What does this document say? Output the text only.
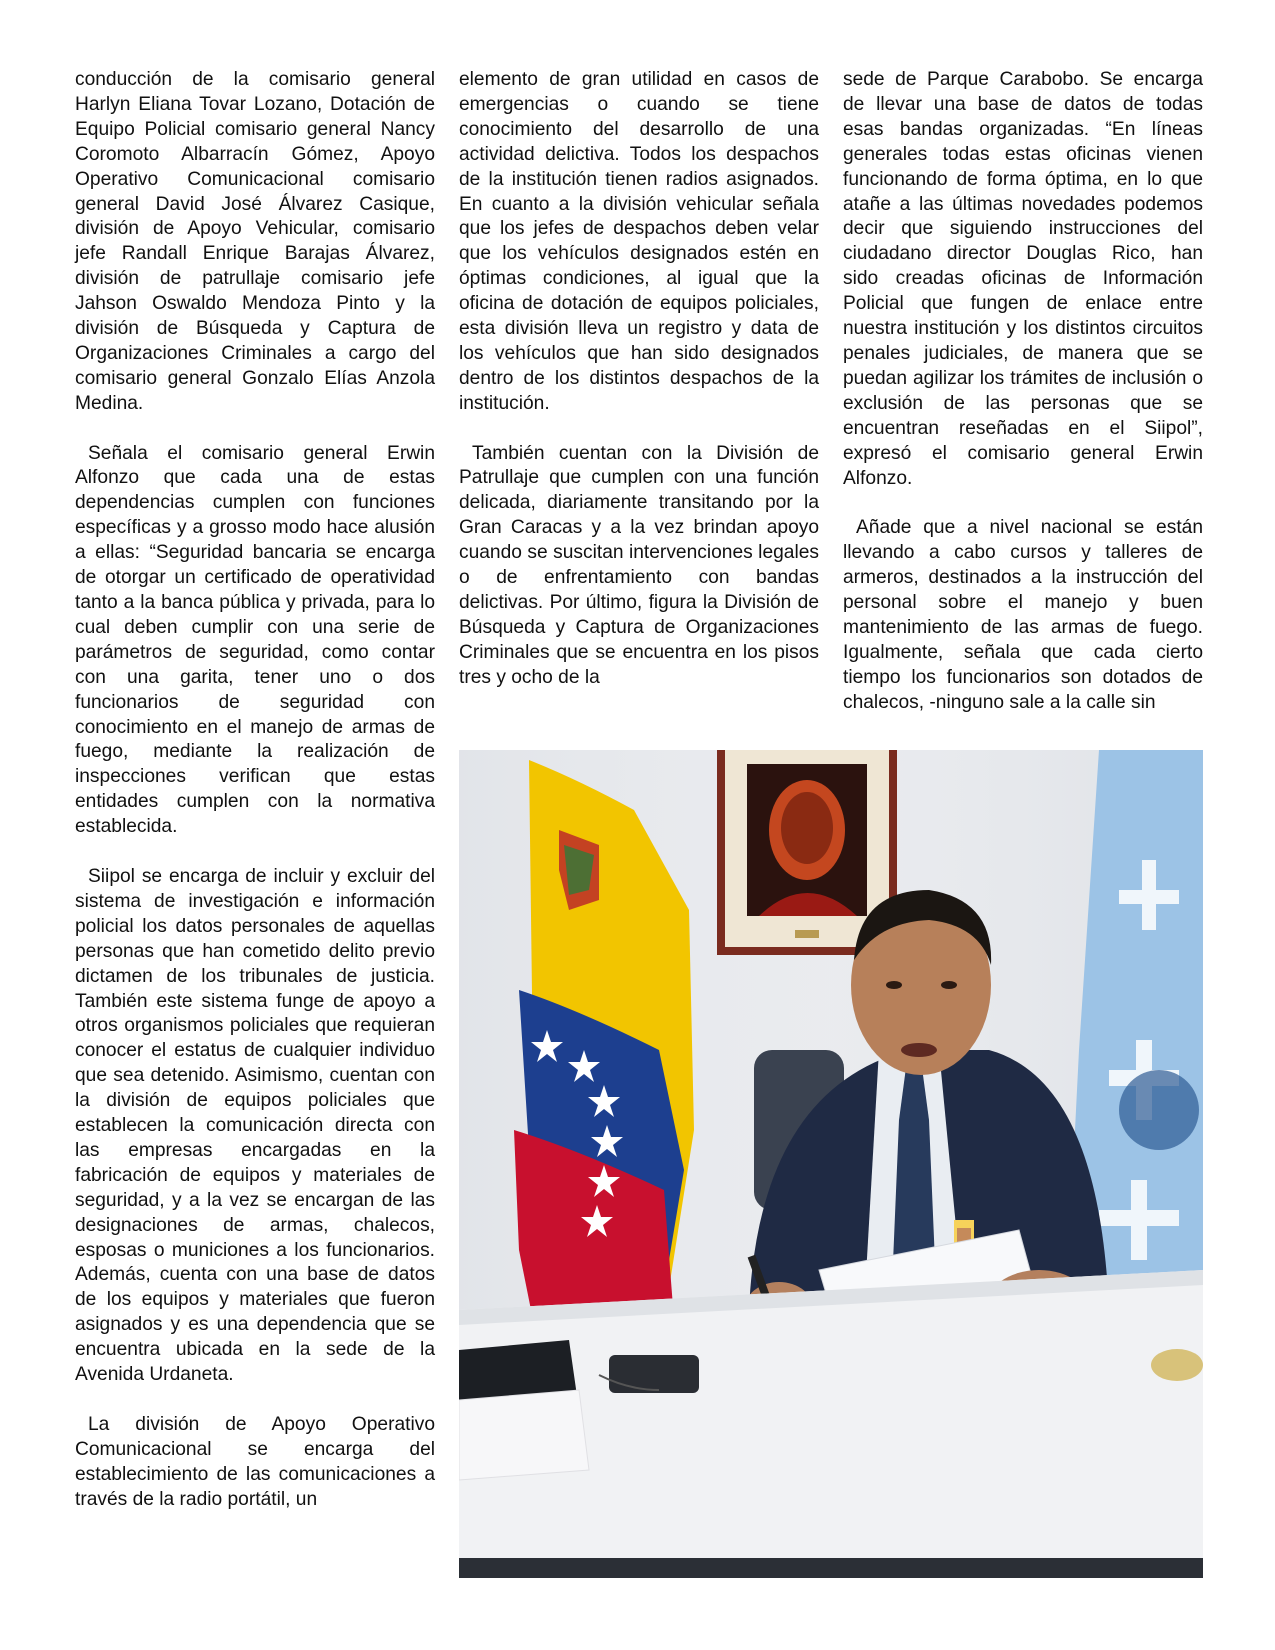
conducción de la comisario general Harlyn Eliana Tovar Lozano, Dotación de Equipo Policial comisario general Nancy Coromoto Albarracín Gómez, Apoyo Operativo Comunicacional comisario general David José Álvarez Casique, división de Apoyo Vehicular, comisario jefe Randall Enrique Barajas Álvarez, división de patrullaje comisario jefe Jahson Oswaldo Mendoza Pinto y la división de Búsqueda y Captura de Organizaciones Criminales a cargo del comisario general Gonzalo Elías Anzola Medina.

Señala el comisario general Erwin Alfonzo que cada una de estas dependencias cumplen con funciones específicas y a grosso modo hace alusión a ellas: “Seguridad bancaria se encarga de otorgar un certificado de operatividad tanto a la banca pública y privada, para lo cual deben cumplir con una serie de parámetros de seguridad, como contar con una garita, tener uno o dos funcionarios de seguridad con conocimiento en el manejo de armas de fuego, mediante la realización de inspecciones verifican que estas entidades cumplen con la normativa establecida.

Siipol se encarga de incluir y excluir del sistema de investigación e información policial los datos personales de aquellas personas que han cometido delito previo dictamen de los tribunales de justicia. También este sistema funge de apoyo a otros organismos policiales que requieran conocer el estatus de cualquier individuo que sea detenido. Asimismo, cuentan con la división de equipos policiales que establecen la comunicación directa con las empresas encargadas en la fabricación de equipos y materiales de seguridad, y a la vez se encargan de las designaciones de armas, chalecos, esposas o municiones a los funcionarios. Además, cuenta con una base de datos de los equipos y materiales que fueron asignados y es una dependencia que se encuentra ubicada en la sede de la Avenida Urdaneta.

La división de Apoyo Operativo Comunicacional se encarga del establecimiento de las comunicaciones a través de la radio portátil, un

elemento de gran utilidad en casos de emergencias o cuando se tiene conocimiento del desarrollo de una actividad delictiva. Todos los despachos de la institución tienen radios asignados. En cuanto a la división vehicular señala que los jefes de despachos deben velar que los vehículos designados estén en óptimas condiciones, al igual que la oficina de dotación de equipos policiales, esta división lleva un registro y data de los vehículos que han sido designados dentro de los distintos despachos de la institución.

También cuentan con la División de Patrullaje que cumplen con una función delicada, diariamente transitando por la Gran Caracas y a la vez brindan apoyo cuando se suscitan intervenciones legales o de enfrentamiento con bandas delictivas. Por último, figura la División de Búsqueda y Captura de Organizaciones Criminales que se encuentra en los pisos tres y ocho de la

sede de Parque Carabobo. Se encarga de llevar una base de datos de todas esas bandas organizadas. “En líneas generales todas estas oficinas vienen funcionando de forma óptima, en lo que atañe a las últimas novedades podemos decir que siguiendo instrucciones del ciudadano director Douglas Rico, han sido creadas oficinas de Información Policial que fungen de enlace entre nuestra institución y los distintos circuitos penales judiciales, de manera que se puedan agilizar los trámites de inclusión o exclusión de las personas que se encuentran reseñadas en el Siipol”, expresó el comisario general Erwin Alfonzo.

Añade que a nivel nacional se están llevando a cabo cursos y talleres de armeros, destinados a la instrucción del personal sobre el manejo y buen mantenimiento de las armas de fuego. Igualmente, señala que cada cierto tiempo los funcionarios son dotados de chalecos, -ninguno sale a la calle sin
